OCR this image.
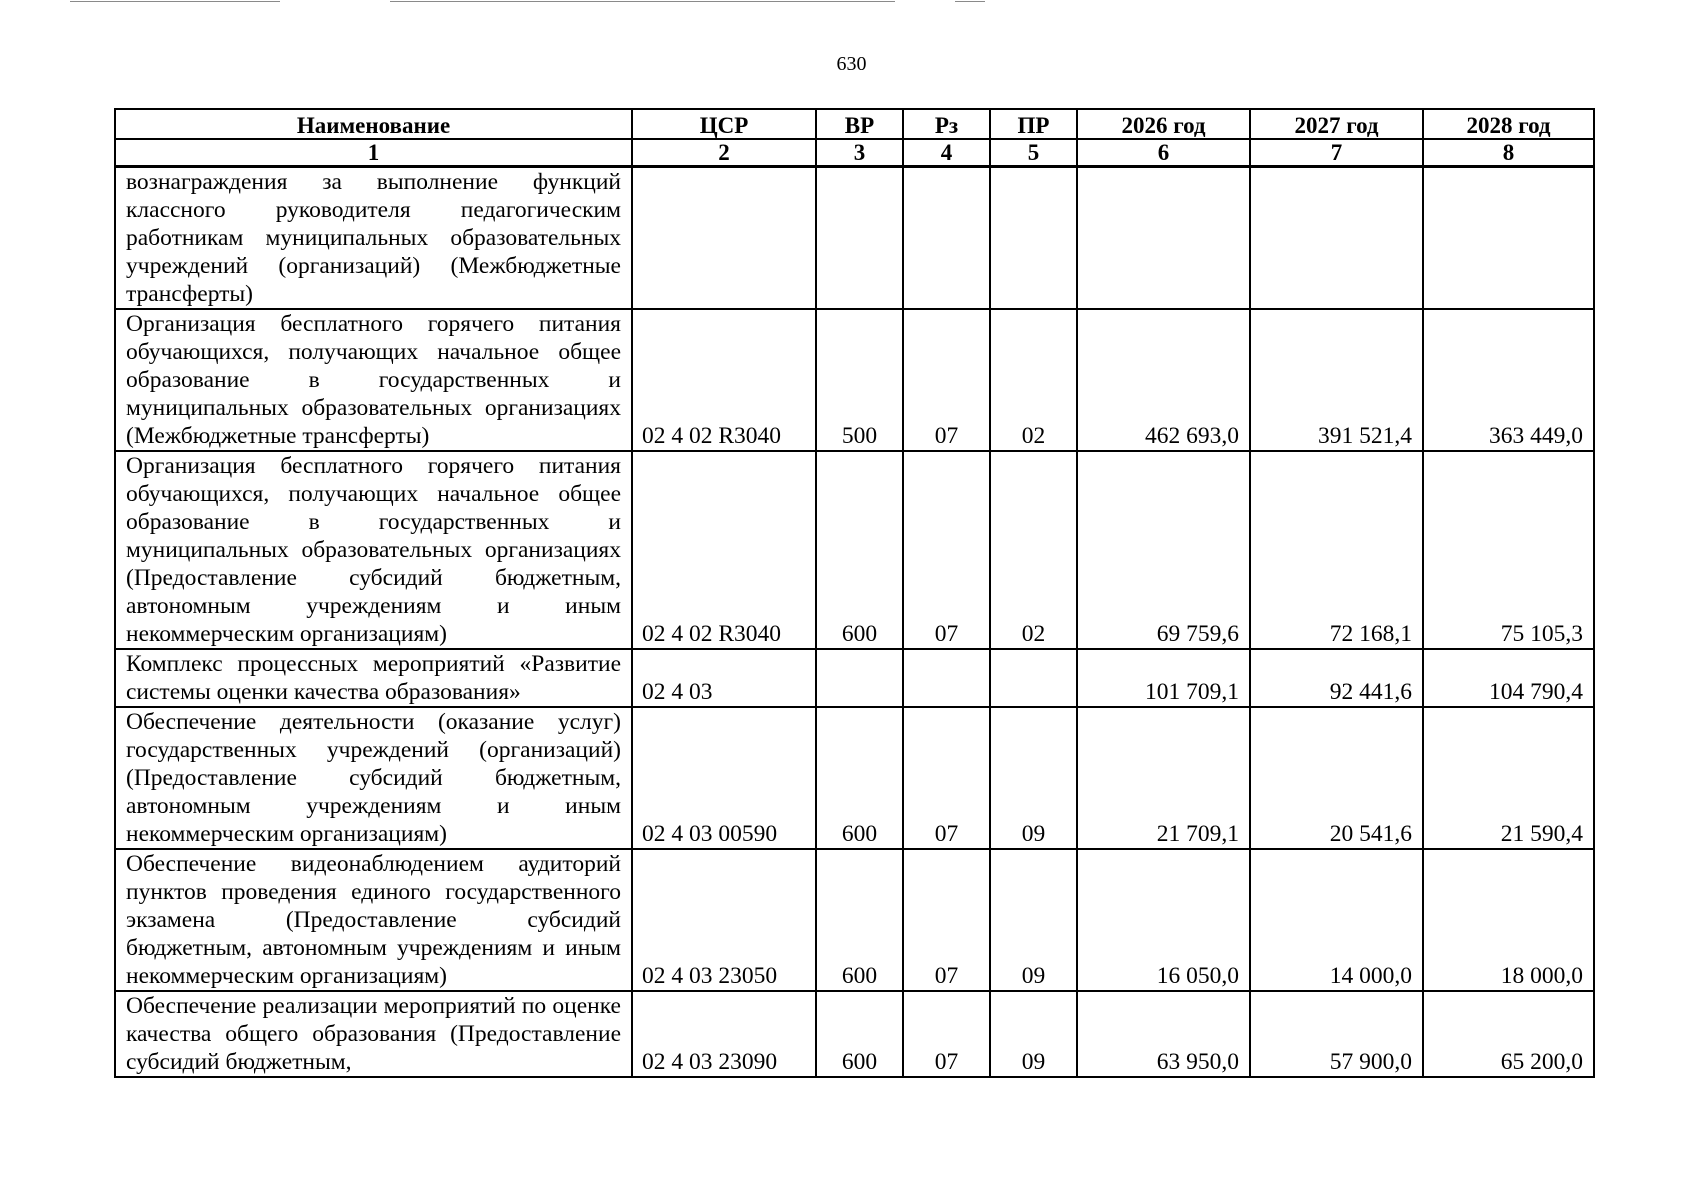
630
Наименование	ЦСР	ВР	Рз	ПР	2026 год	2027 год	2028 год
1	2	3	4	5	6	7	8
вознаграждения за выполнение функций классного руководителя педагогическим работникам муниципальных образовательных учреждений (организаций) (Межбюджетные трансферты)							
Организация бесплатного горячего питания обучающихся, получающих начальное общее образование в государственных и муниципальных образовательных организациях (Межбюджетные трансферты)	02 4 02 R3040	500	07	02	462 693,0	391 521,4	363 449,0
Организация бесплатного горячего питания обучающихся, получающих начальное общее образование в государственных и муниципальных образовательных организациях (Предоставление субсидий бюджетным, автономным учреждениям и иным некоммерческим организациям)	02 4 02 R3040	600	07	02	69 759,6	72 168,1	75 105,3
Комплекс процессных мероприятий «Развитие системы оценки качества образования»	02 4 03				101 709,1	92 441,6	104 790,4
Обеспечение деятельности (оказание услуг) государственных учреждений (организаций) (Предоставление субсидий бюджетным, автономным учреждениям и иным некоммерческим организациям)	02 4 03 00590	600	07	09	21 709,1	20 541,6	21 590,4
Обеспечение видеонаблюдением аудиторий пунктов проведения единого государственного экзамена (Предоставление субсидий бюджетным, автономным учреждениям и иным некоммерческим организациям)	02 4 03 23050	600	07	09	16 050,0	14 000,0	18 000,0
Обеспечение реализации мероприятий по оценке качества общего образования (Предоставление субсидий бюджетным,	02 4 03 23090	600	07	09	63 950,0	57 900,0	65 200,0
